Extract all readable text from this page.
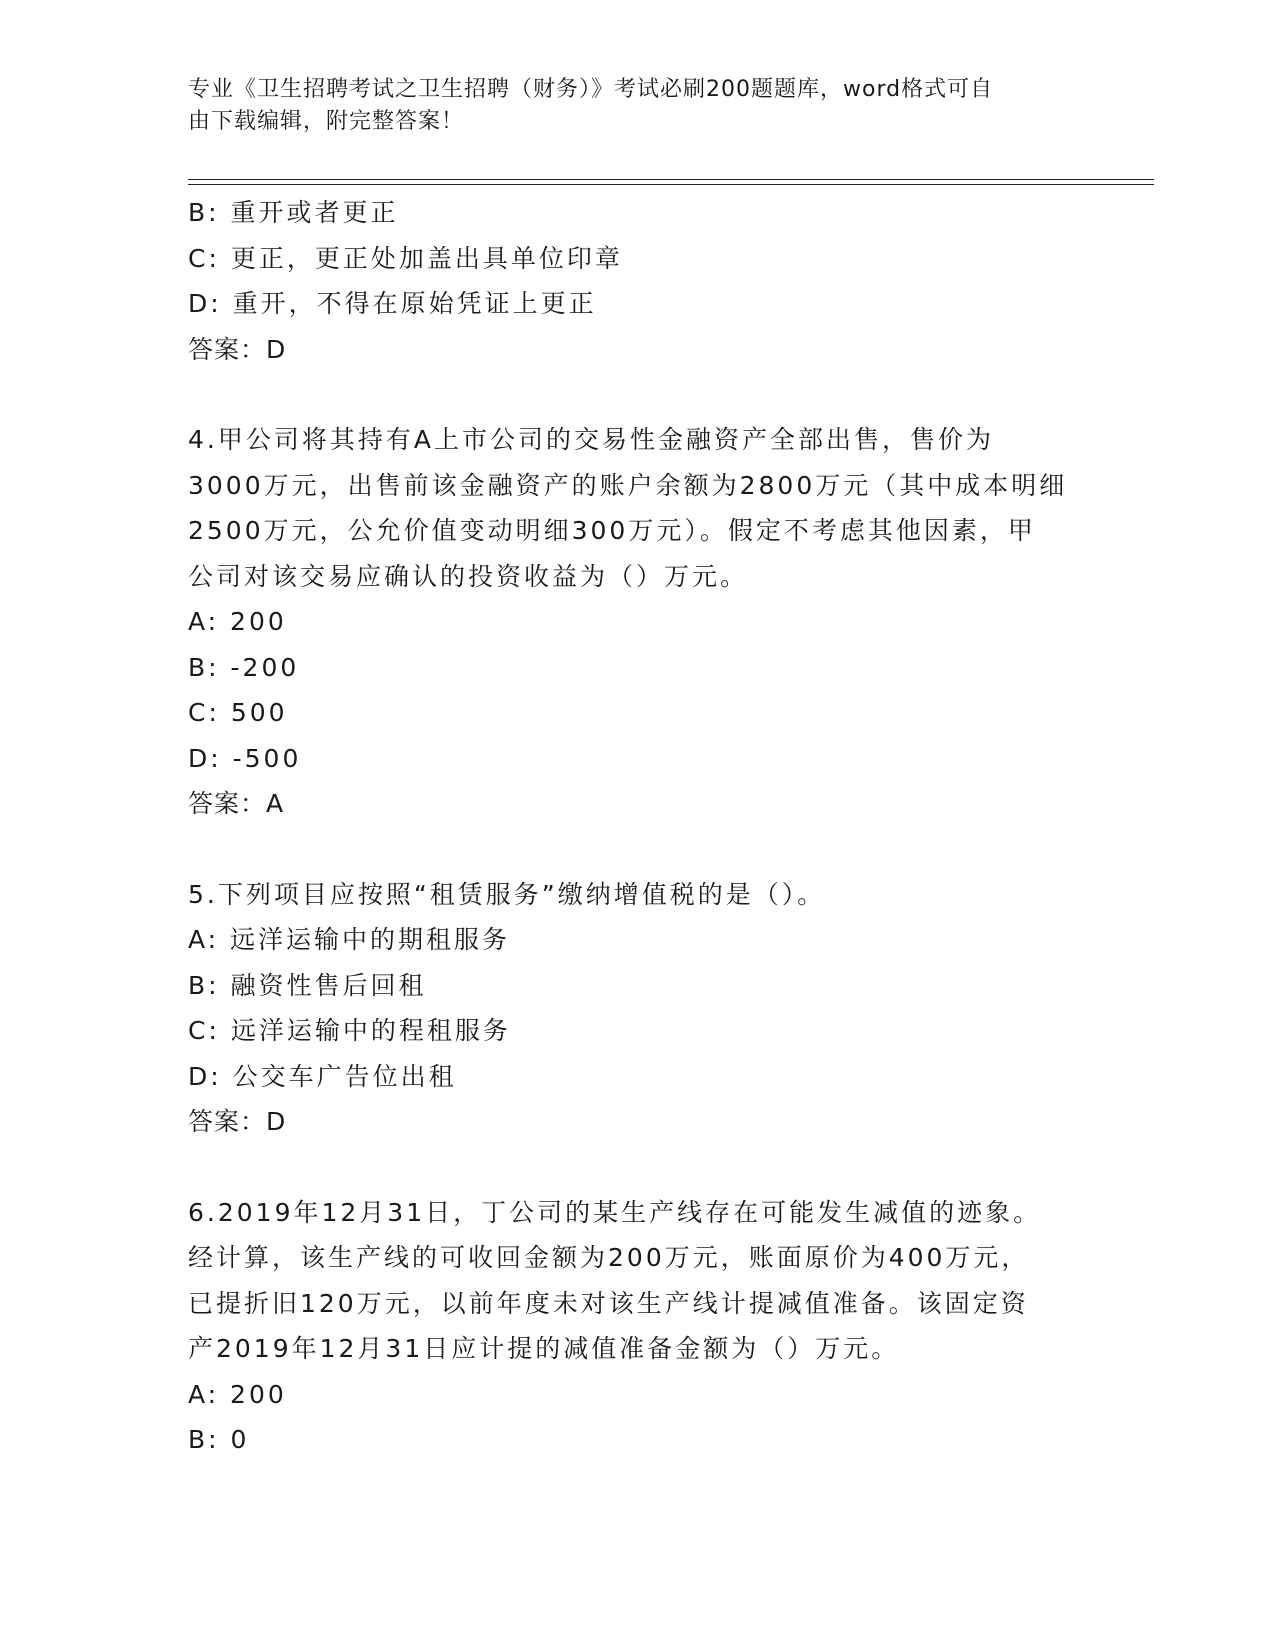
专业《卫生招聘考试之卫生招聘（财务）》考试必刷200题题库，word格式可自
由下载编辑，附完整答案！
B: 重开或者更正
C: 更正，更正处加盖出具单位印章
D: 重开，不得在原始凭证上更正
答案：D
4.甲公司将其持有A上市公司的交易性金融资产全部出售，售价为
3000万元，出售前该金融资产的账户余额为2800万元（其中成本明细
2500万元，公允价值变动明细300万元）。假定不考虑其他因素，甲
公司对该交易应确认的投资收益为（）万元。
A: 200
B: -200
C: 500
D: -500
答案：A
5.下列项目应按照“租赁服务”缴纳增值税的是（）。
A: 远洋运输中的期租服务
B: 融资性售后回租
C: 远洋运输中的程租服务
D: 公交车广告位出租
答案：D
6.2019年12月31日，丁公司的某生产线存在可能发生减值的迹象。
经计算，该生产线的可收回金额为200万元，账面原价为400万元，
已提折旧120万元，以前年度未对该生产线计提减值准备。该固定资
产2019年12月31日应计提的减值准备金额为（）万元。
A: 200
B: 0
